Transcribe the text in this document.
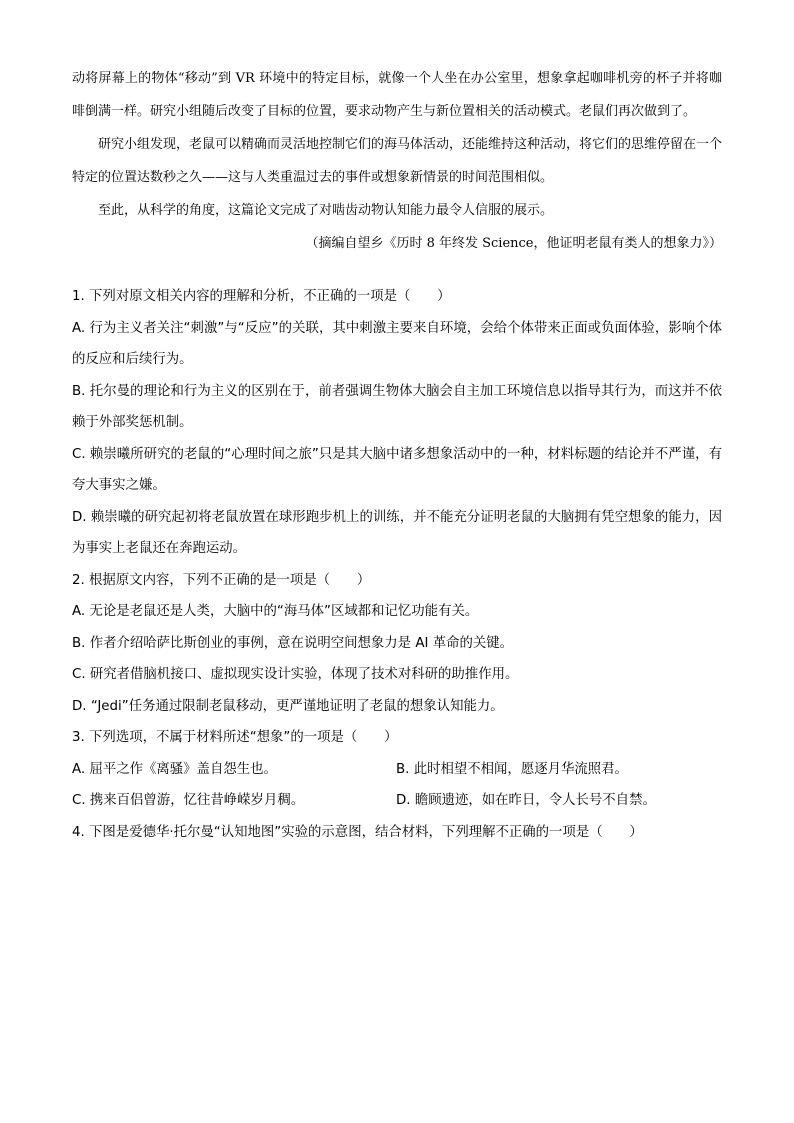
动将屏幕上的物体“移动”到 VR 环境中的特定目标，就像一个人坐在办公室里，想象拿起咖啡机旁的杯子并将咖啡倒满一样。研究小组随后改变了目标的位置，要求动物产生与新位置相关的活动模式。老鼠们再次做到了。

研究小组发现，老鼠可以精确而灵活地控制它们的海马体活动，还能维持这种活动，将它们的思维停留在一个特定的位置达数秒之久——这与人类重温过去的事件或想象新情景的时间范围相似。

至此，从科学的角度，这篇论文完成了对啮齿动物认知能力最令人信服的展示。

（摘编自望乡《历时 8 年终发 Science，他证明老鼠有类人的想象力》）

1. 下列对原文相关内容的理解和分析，不正确的一项是（　　）

A. 行为主义者关注“刺激”与“反应”的关联，其中刺激主要来自环境，会给个体带来正面或负面体验，影响个体的反应和后续行为。

B. 托尔曼的理论和行为主义的区别在于，前者强调生物体大脑会自主加工环境信息以指导其行为，而这并不依赖于外部奖惩机制。

C. 赖崇曦所研究的老鼠的“心理时间之旅”只是其大脑中诸多想象活动中的一种，材料标题的结论并不严谨，有夸大事实之嫌。

D. 赖崇曦的研究起初将老鼠放置在球形跑步机上的训练，并不能充分证明老鼠的大脑拥有凭空想象的能力，因为事实上老鼠还在奔跑运动。

2. 根据原文内容，下列不正确的是一项是（　　）

A. 无论是老鼠还是人类，大脑中的“海马体”区域都和记忆功能有关。

B. 作者介绍哈萨比斯创业的事例，意在说明空间想象力是 AI 革命的关键。

C. 研究者借脑机接口、虚拟现实设计实验，体现了技术对科研的助推作用。

D. “Jedi”任务通过限制老鼠移动，更严谨地证明了老鼠的想象认知能力。

3. 下列选项，不属于材料所述“想象”的一项是（　　）

A. 屈平之作《离骚》盖自怨生也。	B. 此时相望不相闻，愿逐月华流照君。

C. 携来百侣曾游，忆往昔峥嵘岁月稠。	D. 瞻顾遗迹，如在昨日，令人长号不自禁。

4. 下图是爱德华·托尔曼“认知地图”实验的示意图，结合材料，下列理解不正确的一项是（　　）
